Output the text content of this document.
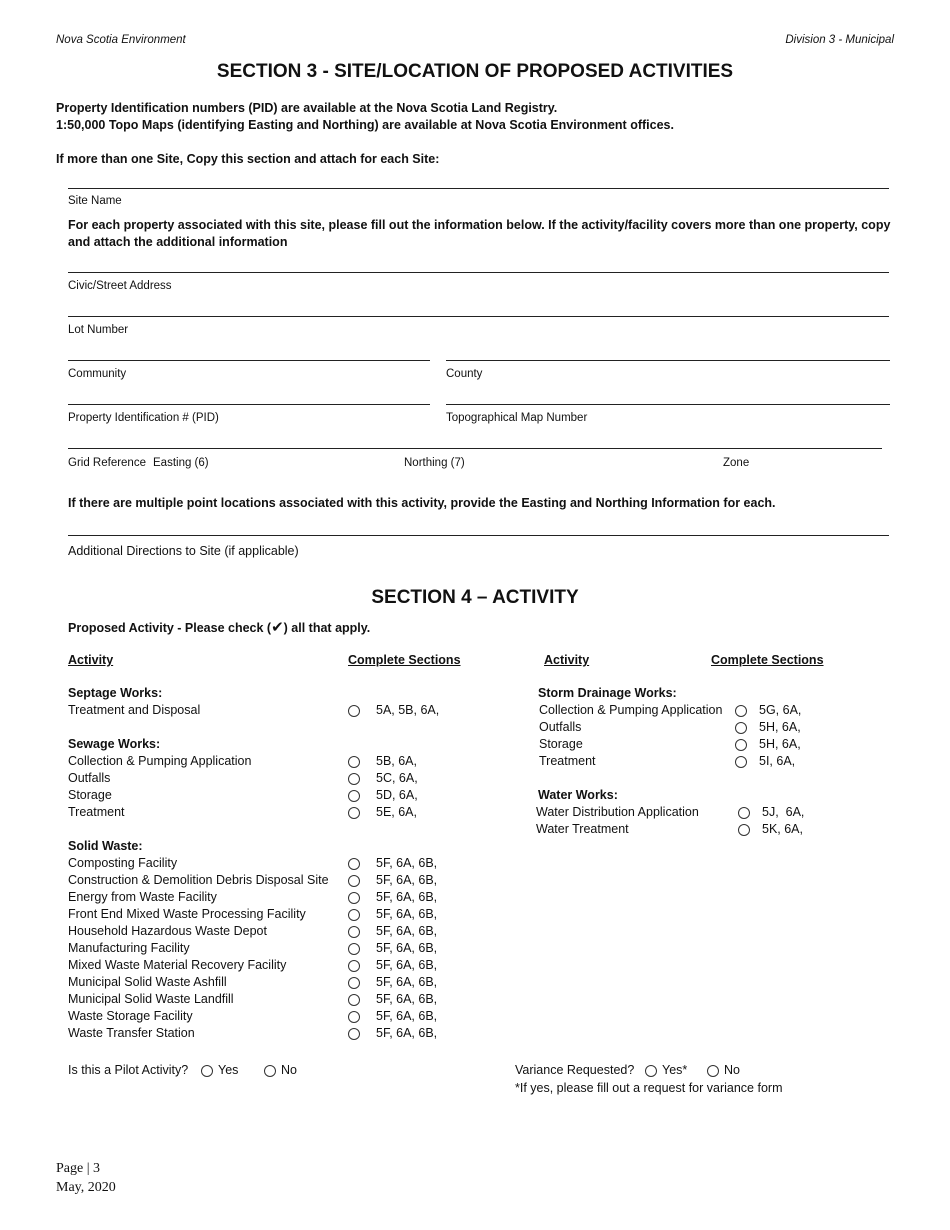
Nova Scotia Environment	Division 3 - Municipal
SECTION 3 - SITE/LOCATION OF PROPOSED ACTIVITIES
Property Identification numbers (PID) are available at the Nova Scotia Land Registry.
1:50,000 Topo Maps (identifying Easting and Northing) are available at Nova Scotia Environment offices.
If more than one Site, Copy this section and attach for each Site:
Site Name
For each property associated with this site, please fill out the information below. If the activity/facility covers more than one property, copy
and attach the additional information
Civic/Street Address
Lot Number
Community	County
Property Identification # (PID)	Topographical Map Number
Grid Reference Easting (6)	Northing (7)	Zone
If there are multiple point locations associated with this activity, provide the Easting and Northing Information for each.
Additional Directions to Site (if applicable)
SECTION 4 – ACTIVITY
Proposed Activity - Please check (✔) all that apply.
Activity	Complete Sections	Activity	Complete Sections
Septage Works:
Treatment and Disposal	5A, 5B, 6A,
Sewage Works:
Collection & Pumping Application	5B, 6A,
Outfalls	5C, 6A,
Storage	5D, 6A,
Treatment	5E, 6A,
Solid Waste:
Composting Facility	5F, 6A, 6B,
Construction & Demolition Debris Disposal Site	5F, 6A, 6B,
Energy from Waste Facility	5F, 6A, 6B,
Front End Mixed Waste Processing Facility	5F, 6A, 6B,
Household Hazardous Waste Depot	5F, 6A, 6B,
Manufacturing Facility	5F, 6A, 6B,
Mixed Waste Material Recovery Facility	5F, 6A, 6B,
Municipal Solid Waste Ashfill	5F, 6A, 6B,
Municipal Solid Waste Landfill	5F, 6A, 6B,
Waste Storage Facility	5F, 6A, 6B,
Waste Transfer Station	5F, 6A, 6B,
Storm Drainage Works:
Collection & Pumping Application	5G, 6A,
Outfalls	5H, 6A,
Storage	5H, 6A,
Treatment	5I, 6A,
Water Works:
Water Distribution Application	5J,  6A,
Water Treatment	5K, 6A,
Is this a Pilot Activity? Yes	No	Variance Requested? Yes*	No
*If yes, please fill out a request for variance form
Page | 3
May, 2020
